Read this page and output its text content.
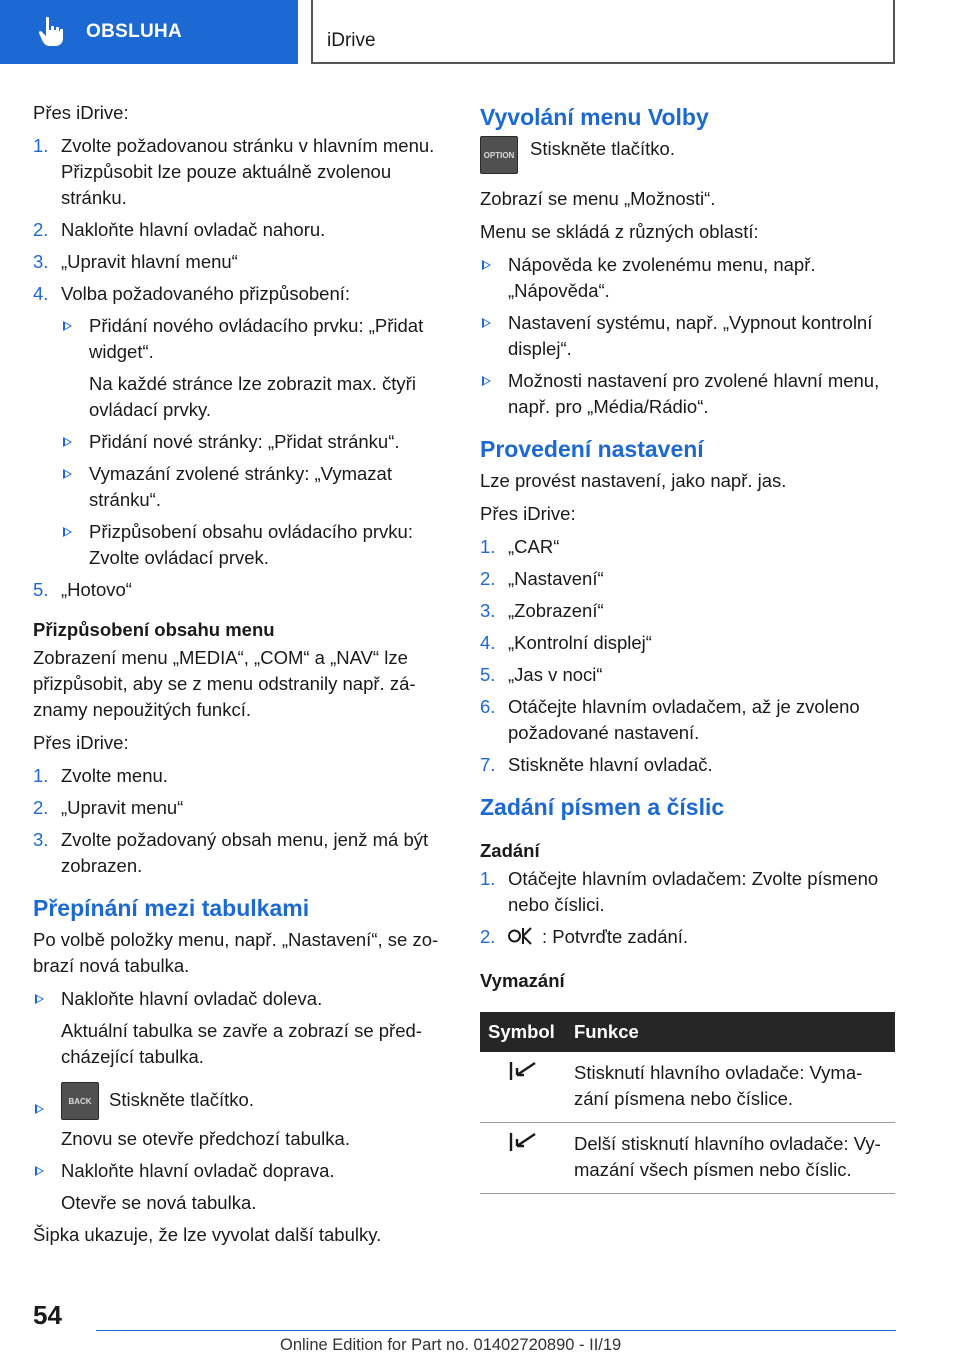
OBSLUHA	iDrive

Přes iDrive:

1. Zvolte požadovanou stránku v hlavním menu. Přizpůsobit lze pouze aktuálně zvolenou stránku.
2. Nakloňte hlavní ovladač nahoru.
3. „Upravit hlavní menu“
4. Volba požadovaného přizpůsobení:
Přidání nového ovládacího prvku: „Přidat widget“.
Na každé stránce lze zobrazit max. čtyři ovládací prvky.
Přidání nové stránky: „Přidat stránku“.
Vymazání zvolené stránky: „Vymazat stránku“.
Přizpůsobení obsahu ovládacího prvku: Zvolte ovládací prvek.
5. „Hotovo“
Přizpůsobení obsahu menu

Zobrazení menu „MEDIA“, „COM“ a „NAV“ lze přizpůsobit, aby se z menu odstranily např. záznamy nepoužitých funkcí.

Přes iDrive:

1. Zvolte menu.
2. „Upravit menu“
3. Zvolte požadovaný obsah menu, jenž má být zobrazen.
Přepínání mezi tabulkami

Po volbě položky menu, např. „Nastavení“, se zobrazí nová tabulka.

Nakloňte hlavní ovladač doleva.
Aktuální tabulka se zavře a zobrazí se předcházející tabulka.
BACK Stiskněte tlačítko.
Znovu se otevře předchozí tabulka.
Nakloňte hlavní ovladač doprava.
Otevře se nová tabulka.

Šipka ukazuje, že lze vyvolat další tabulky.

Vyvolání menu Volby
OPTION Stiskněte tlačítko.

Zobrazí se menu „Možnosti“.

Menu se skládá z různých oblastí:

Nápověda ke zvolenému menu, např. „Nápověda“.
Nastavení systému, např. „Vypnout kontrolní displej“.
Možnosti nastavení pro zvolené hlavní menu, např. pro „Média/Rádio“.
Provedení nastavení

Lze provést nastavení, jako např. jas.

Přes iDrive:

1. „CAR“
2. „Nastavení“
3. „Zobrazení“
4. „Kontrolní displej“
5. „Jas v noci“
6. Otáčejte hlavním ovladačem, až je zvoleno požadované nastavení.
7. Stiskněte hlavní ovladač.
Zadání písmen a číslic
Zadání
1. Otáčejte hlavním ovladačem: Zvolte písmeno nebo číslici.
2.	: Potvrďte zadání.
Vymazání
Symbol	Funkce
	Stisknutí hlavního ovladače: Vymazání písmena nebo číslice.
	Delší stisknutí hlavního ovladače: Vymazání všech písmen nebo číslic.
54
Online Edition for Part no. 01402720890 - II/19
